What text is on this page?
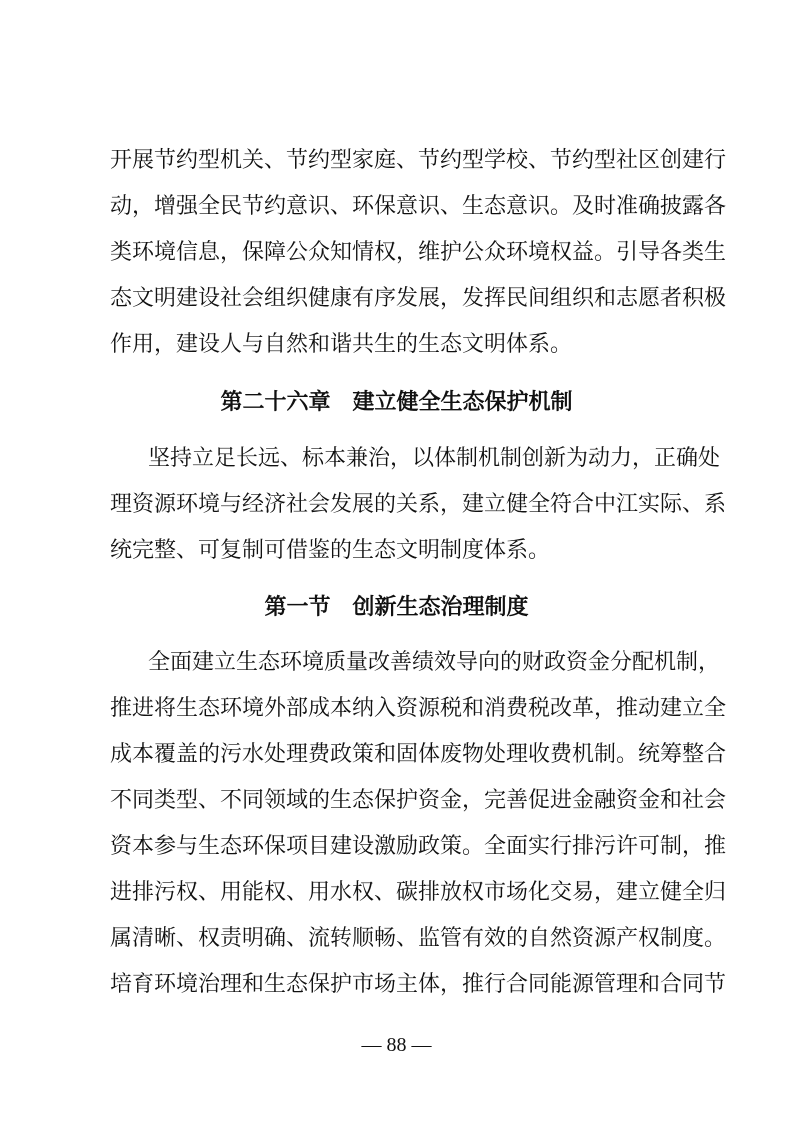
开展节约型机关、节约型家庭、节约型学校、节约型社区创建行
动，增强全民节约意识、环保意识、生态意识。及时准确披露各
类环境信息，保障公众知情权，维护公众环境权益。引导各类生
态文明建设社会组织健康有序发展，发挥民间组织和志愿者积极
作用，建设人与自然和谐共生的生态文明体系。
第二十六章　建立健全生态保护机制
坚持立足长远、标本兼治，以体制机制创新为动力，正确处
理资源环境与经济社会发展的关系，建立健全符合中江实际、系
统完整、可复制可借鉴的生态文明制度体系。
第一节　创新生态治理制度
全面建立生态环境质量改善绩效导向的财政资金分配机制，
推进将生态环境外部成本纳入资源税和消费税改革，推动建立全
成本覆盖的污水处理费政策和固体废物处理收费机制。统筹整合
不同类型、不同领域的生态保护资金，完善促进金融资金和社会
资本参与生态环保项目建设激励政策。全面实行排污许可制，推
进排污权、用能权、用水权、碳排放权市场化交易，建立健全归
属清晰、权责明确、流转顺畅、监管有效的自然资源产权制度。
培育环境治理和生态保护市场主体，推行合同能源管理和合同节
— 88 —
